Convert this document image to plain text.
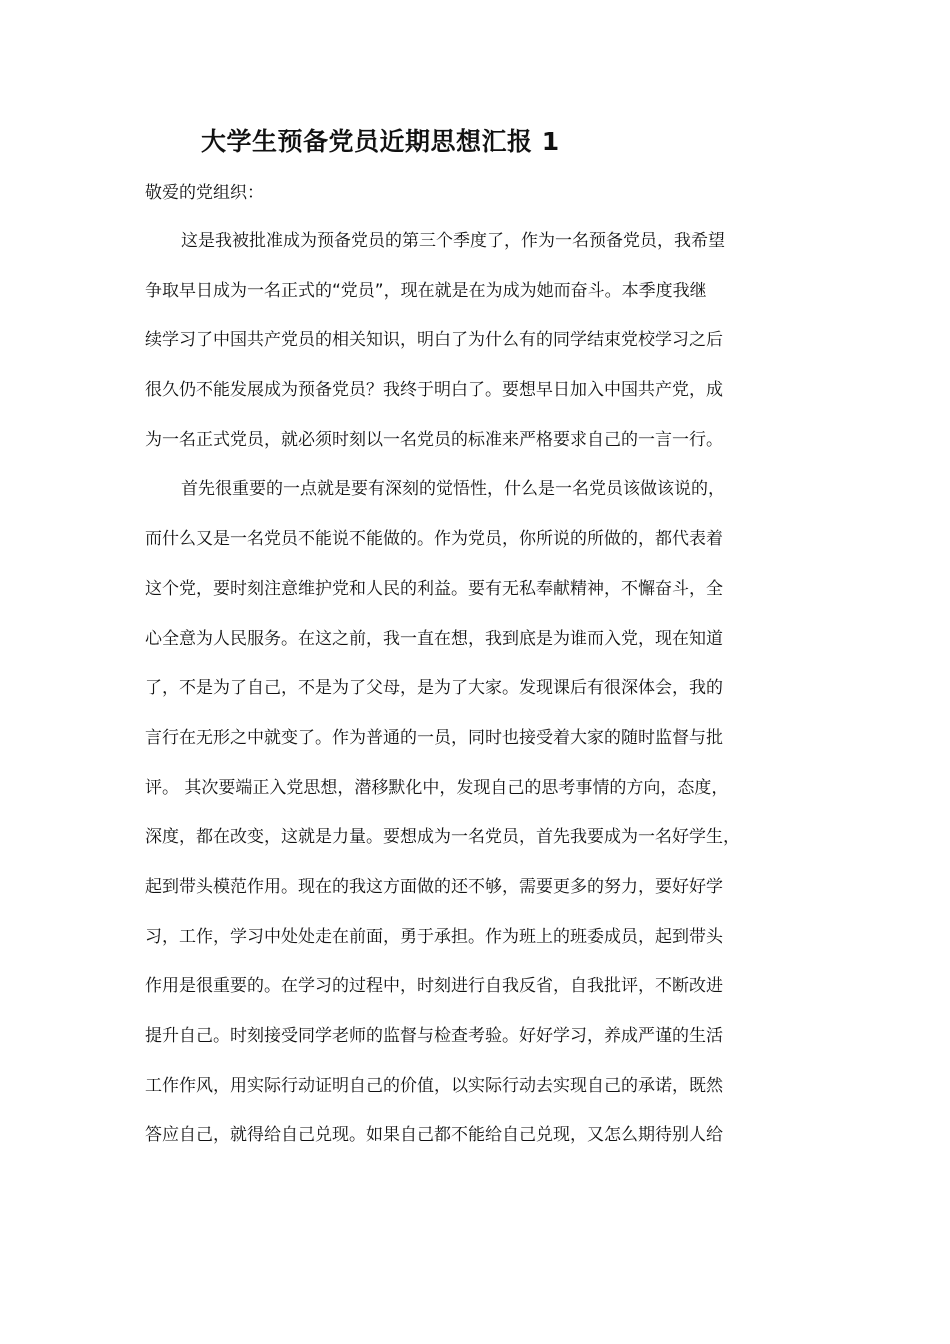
大学生预备党员近期思想汇报 1

敬爱的党组织：

这是我被批准成为预备党员的第三个季度了，作为一名预备党员，我希望
争取早日成为一名正式的“党员”，现在就是在为成为她而奋斗。本季度我继
续学习了中国共产党员的相关知识，明白了为什么有的同学结束党校学习之后
很久仍不能发展成为预备党员？我终于明白了。要想早日加入中国共产党，成
为一名正式党员，就必须时刻以一名党员的标准来严格要求自己的一言一行。
首先很重要的一点就是要有深刻的觉悟性，什么是一名党员该做该说的，
而什么又是一名党员不能说不能做的。作为党员，你所说的所做的，都代表着
这个党，要时刻注意维护党和人民的利益。要有无私奉献精神，不懈奋斗，全
心全意为人民服务。在这之前，我一直在想，我到底是为谁而入党，现在知道
了，不是为了自己，不是为了父母，是为了大家。发现课后有很深体会，我的
言行在无形之中就变了。作为普通的一员，同时也接受着大家的随时监督与批
评。 其次要端正入党思想，潜移默化中，发现自己的思考事情的方向，态度，
深度，都在改变，这就是力量。要想成为一名党员，首先我要成为一名好学生，
起到带头模范作用。现在的我这方面做的还不够，需要更多的努力，要好好学
习，工作，学习中处处走在前面，勇于承担。作为班上的班委成员，起到带头
作用是很重要的。在学习的过程中，时刻进行自我反省，自我批评，不断改进
提升自己。时刻接受同学老师的监督与检查考验。好好学习，养成严谨的生活
工作作风，用实际行动证明自己的价值，以实际行动去实现自己的承诺，既然
答应自己，就得给自己兑现。如果自己都不能给自己兑现，又怎么期待别人给
